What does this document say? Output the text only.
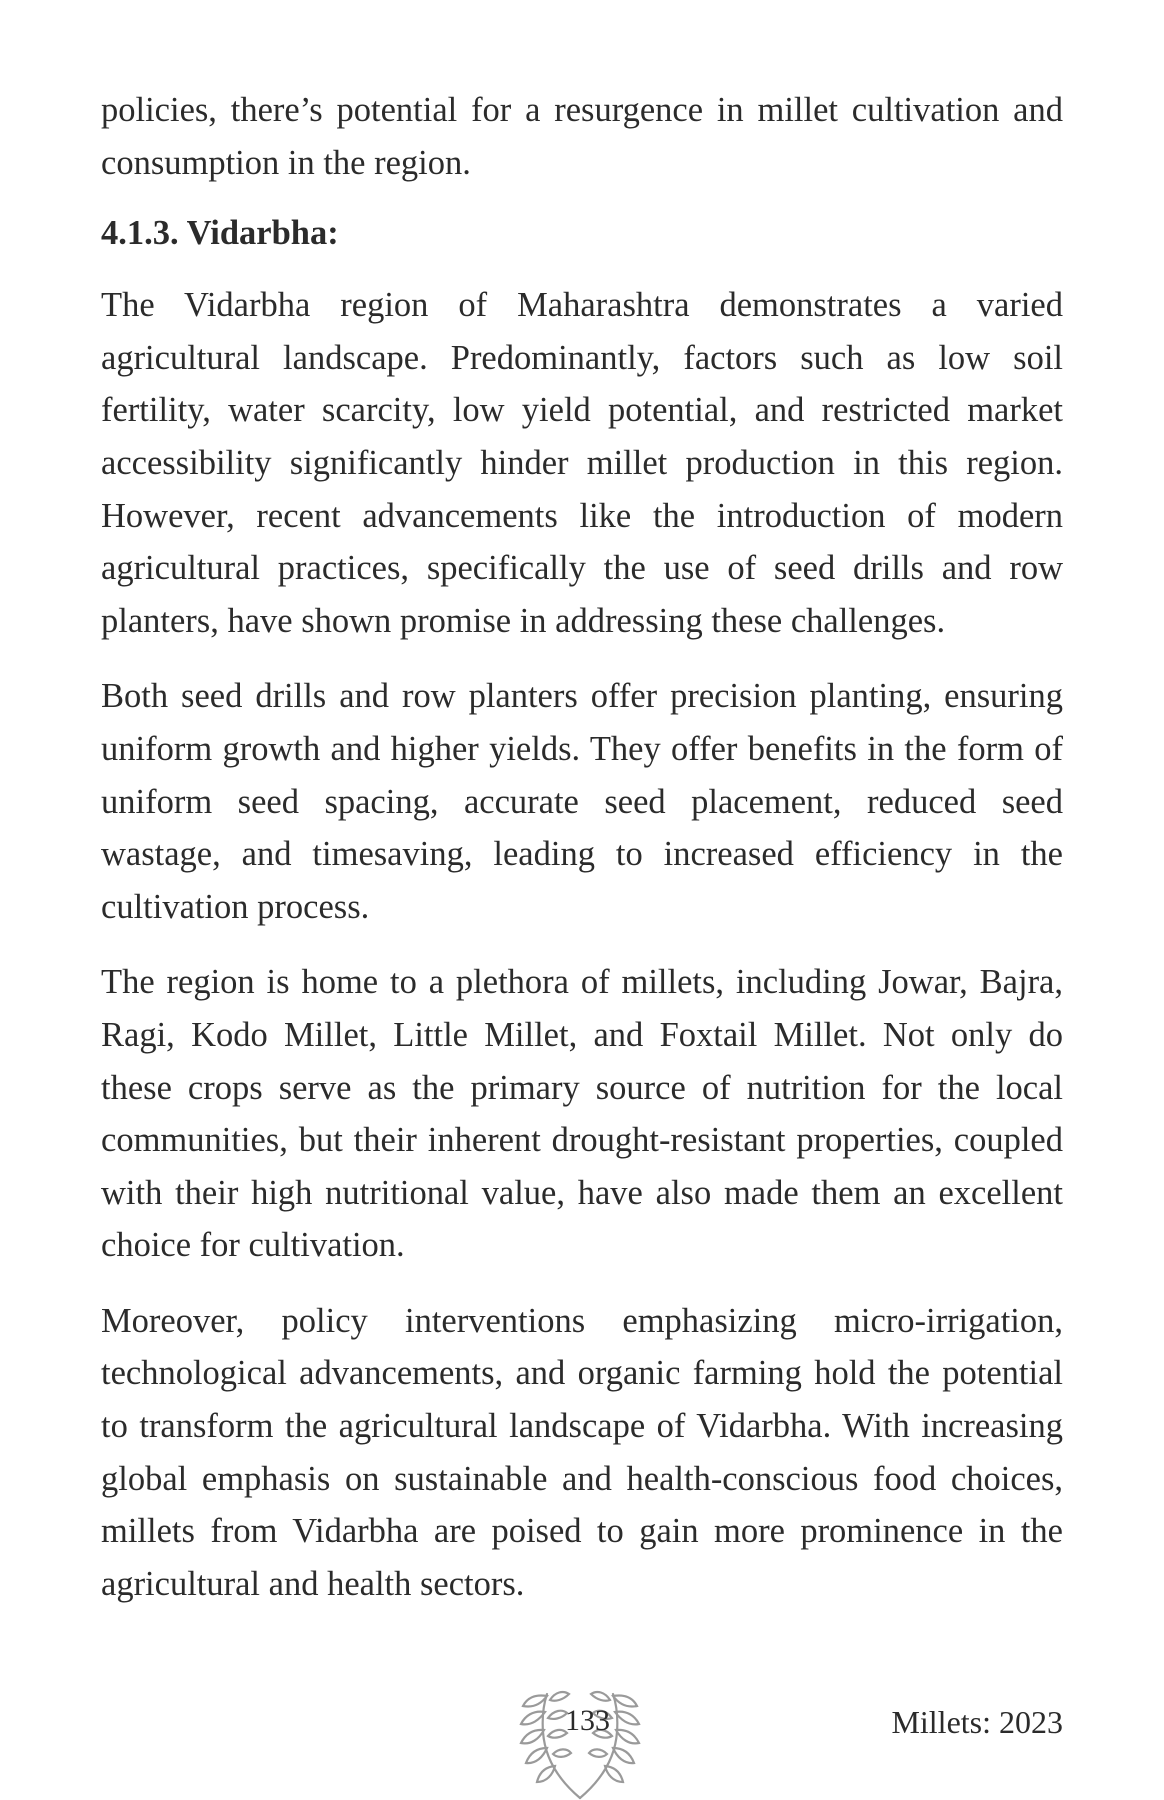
policies, there’s potential for a resurgence in millet cultivation and consumption in the region.

4.1.3. Vidarbha:

The Vidarbha region of Maharashtra demonstrates a varied agricultural landscape. Predominantly, factors such as low soil fertility, water scarcity, low yield potential, and restricted market accessibility significantly hinder millet production in this region. However, recent advancements like the introduction of modern agricultural practices, specifically the use of seed drills and row planters, have shown promise in addressing these challenges.

Both seed drills and row planters offer precision planting, ensuring uniform growth and higher yields. They offer benefits in the form of uniform seed spacing, accurate seed placement, reduced seed wastage, and timesaving, leading to increased efficiency in the cultivation process.

The region is home to a plethora of millets, including Jowar, Bajra, Ragi, Kodo Millet, Little Millet, and Foxtail Millet. Not only do these crops serve as the primary source of nutrition for the local communities, but their inherent drought-resistant properties, coupled with their high nutritional value, have also made them an excellent choice for cultivation.

Moreover, policy interventions emphasizing micro-irrigation, technological advancements, and organic farming hold the potential to transform the agricultural landscape of Vidarbha. With increasing global emphasis on sustainable and health-conscious food choices, millets from Vidarbha are poised to gain more prominence in the agricultural and health sectors.

133	Millets: 2023
